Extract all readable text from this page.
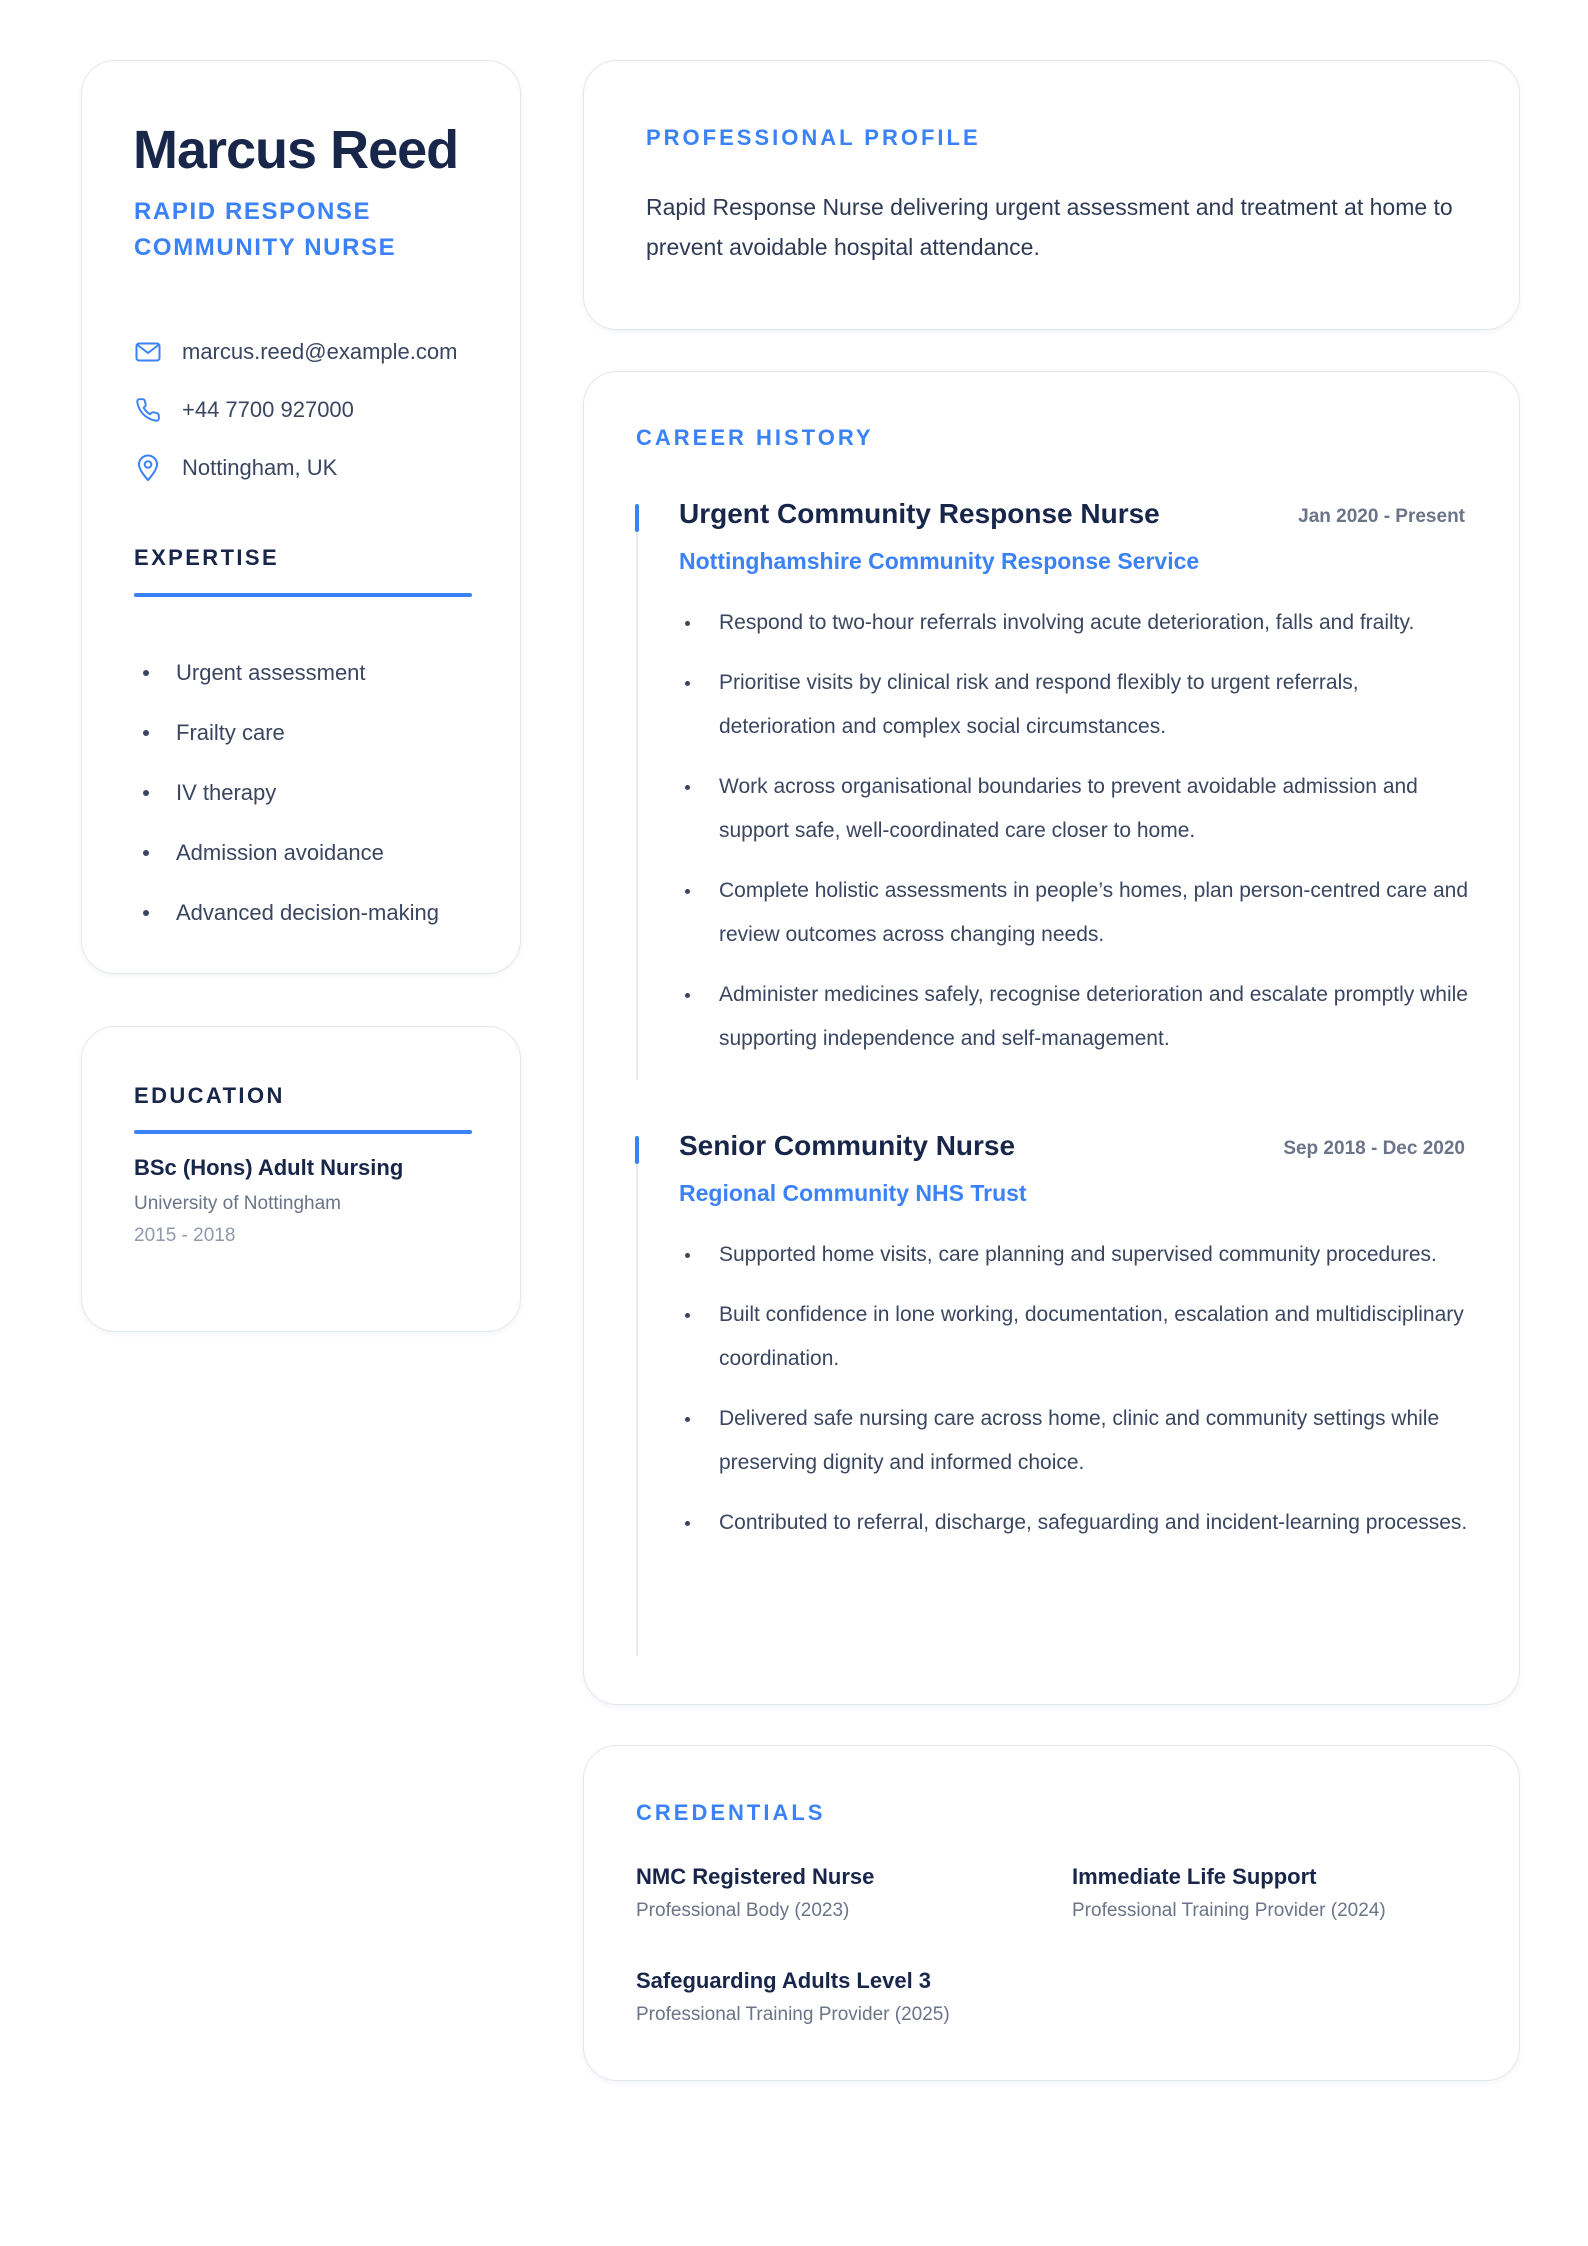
Marcus Reed
RAPID RESPONSE COMMUNITY NURSE
marcus.reed@example.com
+44 7700 927000
Nottingham, UK
EXPERTISE
Urgent assessment
Frailty care
IV therapy
Admission avoidance
Advanced decision-making
EDUCATION
BSc (Hons) Adult Nursing
University of Nottingham
2015 - 2018
PROFESSIONAL PROFILE

Rapid Response Nurse delivering urgent assessment and treatment at home to prevent avoidable hospital attendance.

CAREER HISTORY
Urgent Community Response Nurse	Jan 2020 - Present
Nottinghamshire Community Response Service
Respond to two-hour referrals involving acute deterioration, falls and frailty.
Prioritise visits by clinical risk and respond flexibly to urgent referrals, deterioration and complex social circumstances.
Work across organisational boundaries to prevent avoidable admission and support safe, well-coordinated care closer to home.
Complete holistic assessments in people’s homes, plan person-centred care and review outcomes across changing needs.
Administer medicines safely, recognise deterioration and escalate promptly while supporting independence and self-management.
Senior Community Nurse	Sep 2018 - Dec 2020
Regional Community NHS Trust
Supported home visits, care planning and supervised community procedures.
Built confidence in lone working, documentation, escalation and multidisciplinary coordination.
Delivered safe nursing care across home, clinic and community settings while preserving dignity and informed choice.
Contributed to referral, discharge, safeguarding and incident-learning processes.
CREDENTIALS
NMC Registered Nurse
Professional Body (2023)
Immediate Life Support
Professional Training Provider (2024)
Safeguarding Adults Level 3
Professional Training Provider (2025)
